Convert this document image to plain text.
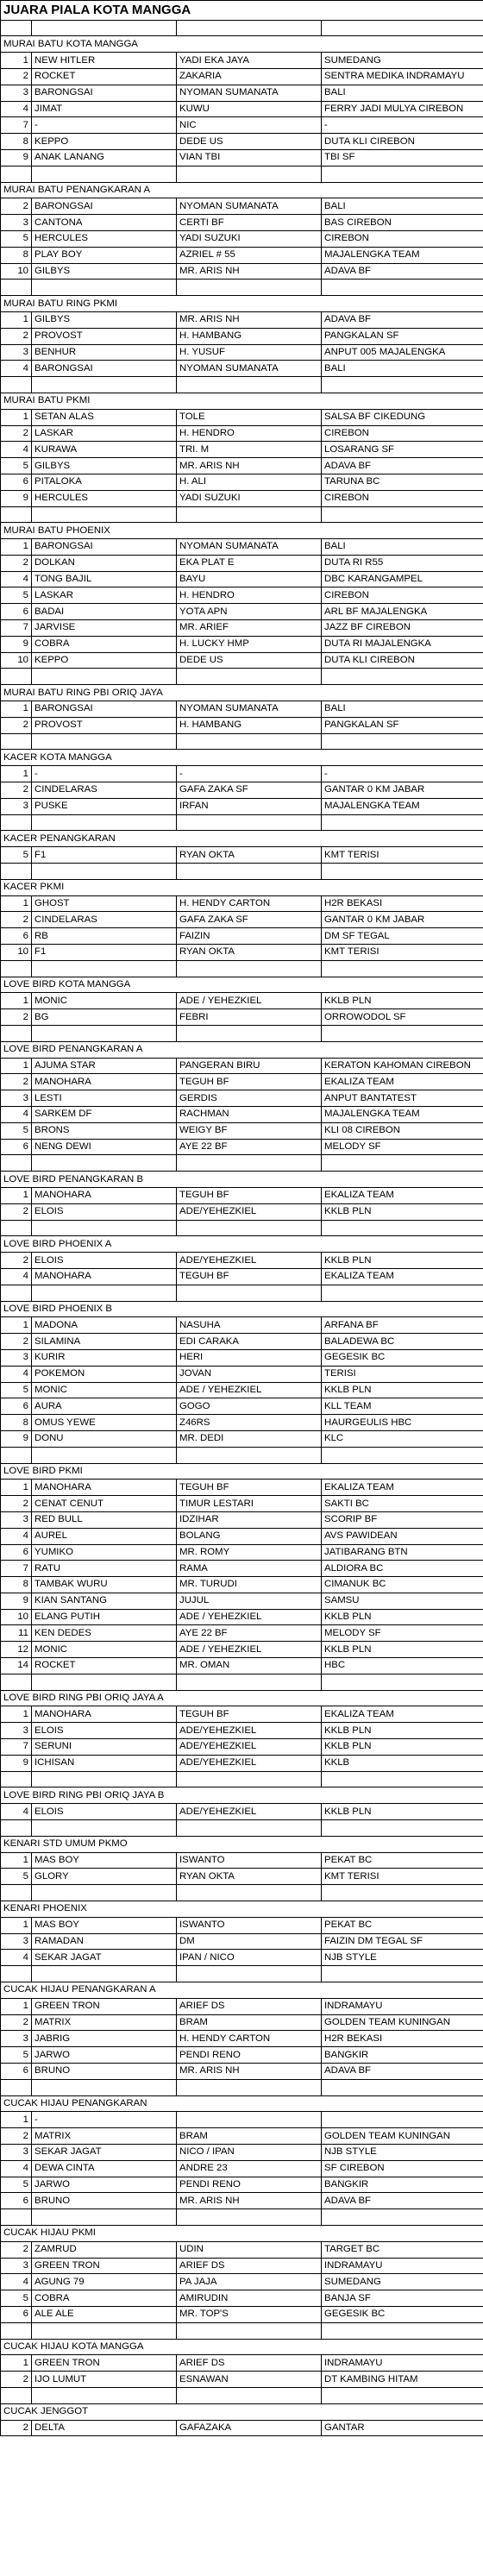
JUARA PIALA KOTA MANGGA			

MURAI BATU KOTA MANGGA			
1	NEW HITLER	YADI EKA JAYA	SUMEDANG
2	ROCKET	ZAKARIA	SENTRA MEDIKA INDRAMAYU
3	BARONGSAI	NYOMAN SUMANATA	BALI
4	JIMAT	KUWU	FERRY JADI MULYA CIREBON
7	-	NIC	-
8	KEPPO	DEDE US	DUTA KLI CIREBON
9	ANAK LANANG	VIAN TBI	TBI SF

MURAI BATU PENANGKARAN A			
2	BARONGSAI	NYOMAN SUMANATA	BALI
3	CANTONA	CERTI BF	BAS CIREBON
5	HERCULES	YADI SUZUKI	CIREBON
8	PLAY BOY	AZRIEL # 55	MAJALENGKA TEAM
10	GILBYS	MR. ARIS NH	ADAVA BF

MURAI BATU RING PKMI			
1	GILBYS	MR. ARIS NH	ADAVA BF
2	PROVOST	H. HAMBANG	PANGKALAN SF
3	BENHUR	H. YUSUF	ANPUT 005 MAJALENGKA
4	BARONGSAI	NYOMAN SUMANATA	BALI

MURAI BATU PKMI			
1	SETAN ALAS	TOLE	SALSA BF CIKEDUNG
2	LASKAR	H. HENDRO	CIREBON
4	KURAWA	TRI. M	LOSARANG SF
5	GILBYS	MR. ARIS NH	ADAVA BF
6	PITALOKA	H. ALI	TARUNA BC
9	HERCULES	YADI SUZUKI	CIREBON

MURAI BATU PHOENIX			
1	BARONGSAI	NYOMAN SUMANATA	BALI
2	DOLKAN	EKA PLAT E	DUTA RI R55
4	TONG BAJIL	BAYU	DBC KARANGAMPEL
5	LASKAR	H. HENDRO	CIREBON
6	BADAI	YOTA APN	ARL BF MAJALENGKA
7	JARVISE	MR. ARIEF	JAZZ BF CIREBON
9	COBRA	H. LUCKY HMP	DUTA RI MAJALENGKA
10	KEPPO	DEDE US	DUTA KLI CIREBON

MURAI BATU RING PBI ORIQ JAYA			
1	BARONGSAI	NYOMAN SUMANATA	BALI
2	PROVOST	H. HAMBANG	PANGKALAN SF

KACER KOTA MANGGA			
1	-	-	-
2	CINDELARAS	GAFA ZAKA SF	GANTAR 0 KM JABAR
3	PUSKE	IRFAN	MAJALENGKA TEAM

KACER PENANGKARAN			
5	F1	RYAN OKTA	KMT TERISI

KACER PKMI			
1	GHOST	H. HENDY CARTON	H2R BEKASI
2	CINDELARAS	GAFA ZAKA SF	GANTAR 0 KM JABAR
6	RB	FAIZIN	DM SF TEGAL
10	F1	RYAN OKTA	KMT TERISI

LOVE BIRD KOTA MANGGA			
1	MONIC	ADE / YEHEZKIEL	KKLB PLN
2	BG	FEBRI	ORROWODOL SF

LOVE BIRD PENANGKARAN A			
1	AJUMA STAR	PANGERAN BIRU	KERATON KAHOMAN CIREBON
2	MANOHARA	TEGUH BF	EKALIZA TEAM
3	LESTI	GERDIS	ANPUT BANTATEST
4	SARKEM DF	RACHMAN	MAJALENGKA TEAM
5	BRONS	WEIGY BF	KLI 08 CIREBON
6	NENG DEWI	AYE 22 BF	MELODY SF

LOVE BIRD PENANGKARAN B			
1	MANOHARA	TEGUH BF	EKALIZA TEAM
2	ELOIS	ADE/YEHEZKIEL	KKLB PLN

LOVE BIRD PHOENIX A			
2	ELOIS	ADE/YEHEZKIEL	KKLB PLN
4	MANOHARA	TEGUH BF	EKALIZA TEAM

LOVE BIRD PHOENIX B			
1	MADONA	NASUHA	ARFANA BF
2	SILAMINA	EDI CARAKA	BALADEWA BC
3	KURIR	HERI	GEGESIK BC
4	POKEMON	JOVAN	TERISI
5	MONIC	ADE / YEHEZKIEL	KKLB PLN
6	AURA	GOGO	KLL TEAM
8	OMUS YEWE	Z46RS	HAURGEULIS HBC
9	DONU	MR. DEDI	KLC

LOVE BIRD PKMI			
1	MANOHARA	TEGUH BF	EKALIZA TEAM
2	CENAT CENUT	TIMUR LESTARI	SAKTI BC
3	RED BULL	IDZIHAR	SCORIP BF
4	AUREL	BOLANG	AVS PAWIDEAN
6	YUMIKO	MR. ROMY	JATIBARANG BTN
7	RATU	RAMA	ALDIORA BC
8	TAMBAK WURU	MR. TURUDI	CIMANUK BC
9	KIAN SANTANG	JUJUL	SAMSU
10	ELANG PUTIH	ADE / YEHEZKIEL	KKLB PLN
11	KEN DEDES	AYE 22 BF	MELODY SF
12	MONIC	ADE / YEHEZKIEL	KKLB PLN
14	ROCKET	MR. OMAN	HBC

LOVE BIRD RING PBI ORIQ JAYA A			
1	MANOHARA	TEGUH BF	EKALIZA TEAM
3	ELOIS	ADE/YEHEZKIEL	KKLB PLN
7	SERUNI	ADE/YEHEZKIEL	KKLB PLN
9	ICHISAN	ADE/YEHEZKIEL	KKLB

LOVE BIRD RING PBI ORIQ JAYA B			
4	ELOIS	ADE/YEHEZKIEL	KKLB PLN

KENARI STD UMUM PKMO			
1	MAS BOY	ISWANTO	PEKAT BC
5	GLORY	RYAN OKTA	KMT TERISI

KENARI PHOENIX			
1	MAS BOY	ISWANTO	PEKAT BC
3	RAMADAN	DM	FAIZIN DM TEGAL SF
4	SEKAR JAGAT	IPAN / NICO	NJB STYLE

CUCAK HIJAU PENANGKARAN A			
1	GREEN TRON	ARIEF DS	INDRAMAYU
2	MATRIX	BRAM	GOLDEN TEAM KUNINGAN
3	JABRIG	H. HENDY CARTON	H2R BEKASI
5	JARWO	PENDI RENO	BANGKIR
6	BRUNO	MR. ARIS NH	ADAVA BF

CUCAK HIJAU PENANGKARAN			
1	-		
2	MATRIX	BRAM	GOLDEN TEAM KUNINGAN
3	SEKAR JAGAT	NICO / IPAN	NJB STYLE
4	DEWA CINTA	ANDRE 23	SF CIREBON
5	JARWO	PENDI RENO	BANGKIR
6	BRUNO	MR. ARIS NH	ADAVA BF

CUCAK HIJAU PKMI			
2	ZAMRUD	UDIN	TARGET BC
3	GREEN TRON	ARIEF DS	INDRAMAYU
4	AGUNG 79	PA JAJA	SUMEDANG
5	COBRA	AMIRUDIN	BANJA SF
6	ALE ALE	MR. TOP'S	GEGESIK BC

CUCAK HIJAU KOTA MANGGA			
1	GREEN TRON	ARIEF DS	INDRAMAYU
2	IJO LUMUT	ESNAWAN	DT KAMBING HITAM

CUCAK JENGGOT			
2	DELTA	GAFAZAKA	GANTAR
